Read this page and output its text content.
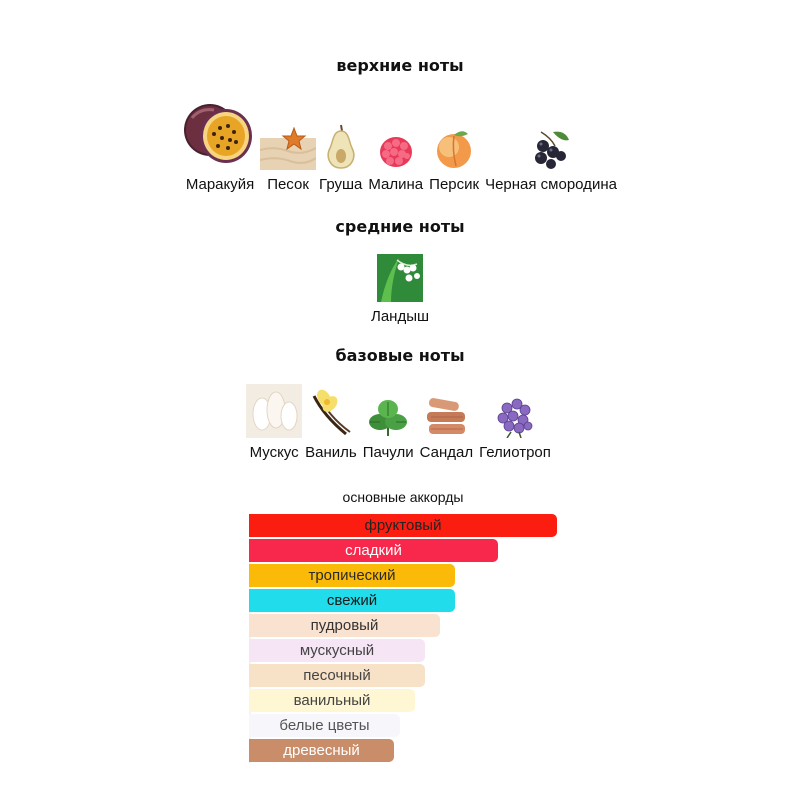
верхние ноты
Маракуйя Песок Груша Малина Персик Черная смородина
средние ноты
Ландыш
базовые ноты
Мускус Ваниль Пачули Сандал Гелиотроп
основные аккорды
фруктовый
сладкий
тропический
свежий
пудровый
мускусный
песочный
ванильный
белые цветы
древесный
